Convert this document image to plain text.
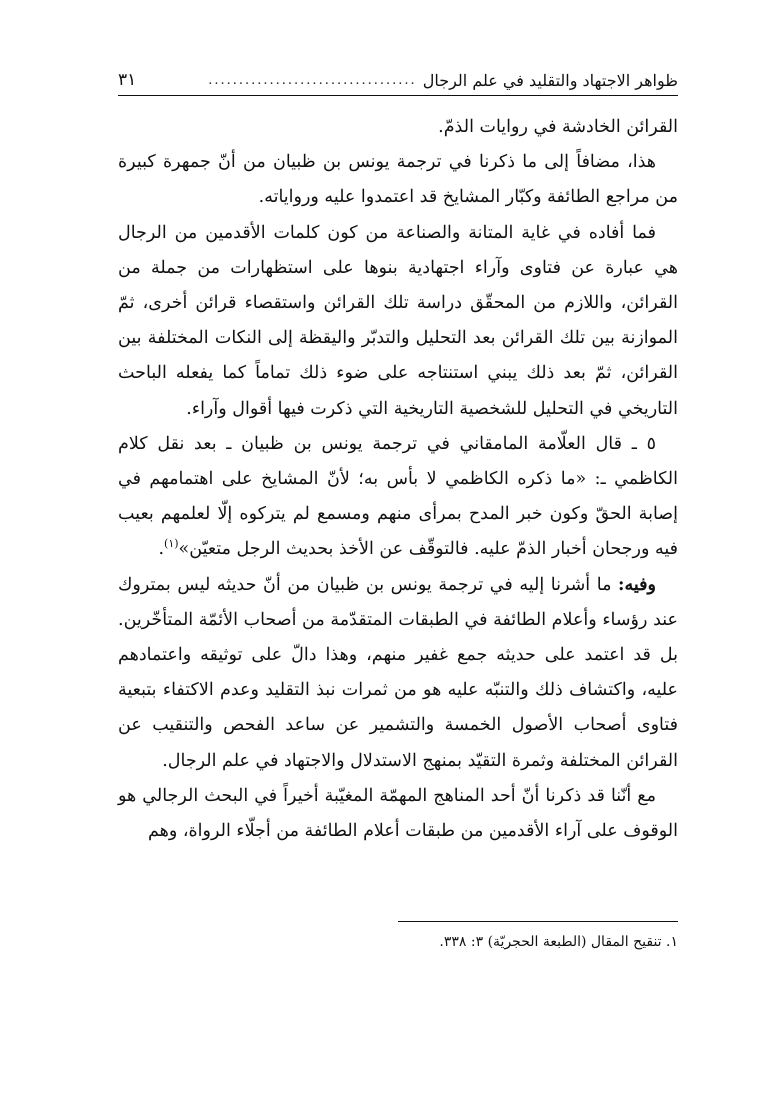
ظواهر الاجتهاد والتقليد في علم الرجال
..................................
٣١

القرائن الخادشة في روايات الذمّ.

هذا، مضافاً إلى ما ذكرنا في ترجمة يونس بن ظبيان من أنّ جمهرة كبيرة من مراجع الطائفة وكبّار المشايخ قد اعتمدوا عليه ورواياته.

فما أفاده في غاية المتانة والصناعة من كون كلمات الأقدمين من الرجال هي عبارة عن فتاوى وآراء اجتهادية بنوها على استظهارات من جملة من القرائن، واللازم من المحقّق دراسة تلك القرائن واستقصاء قرائن أخرى، ثمّ الموازنة بين تلك القرائن بعد التحليل والتدبّر واليقظة إلى النكات المختلفة بين القرائن، ثمّ بعد ذلك يبني استنتاجه على ضوء ذلك تماماً كما يفعله الباحث التاريخي في التحليل للشخصية التاريخية التي ذكرت فيها أقوال وآراء.

٥ ـ قال العلّامة المامقاني في ترجمة يونس بن ظبيان ـ بعد نقل كلام الكاظمي ـ: «ما ذكره الكاظمي لا بأس به؛ لأنّ المشايخ على اهتمامهم في إصابة الحقّ وكون خبر المدح بمرأى منهم ومسمع لم يتركوه إلّا لعلمهم بعيب فيه ورجحان أخبار الذمّ عليه. فالتوقّف عن الأخذ بحديث الرجل متعيّن»$^{(١)}$.

وفيه: ما أشرنا إليه في ترجمة يونس بن ظبيان من أنّ حديثه ليس بمتروك عند رؤساء وأعلام الطائفة في الطبقات المتقدّمة من أصحاب الأئمّة المتأخّرين. بل قد اعتمد على حديثه جمع غفير منهم، وهذا دالّ على توثيقه واعتمادهم عليه، واكتشاف ذلك والتنبّه عليه هو من ثمرات نبذ التقليد وعدم الاكتفاء بتبعية فتاوى أصحاب الأصول الخمسة والتشمير عن ساعد الفحص والتنقيب عن القرائن المختلفة وثمرة التقيّد بمنهج الاستدلال والاجتهاد في علم الرجال.

مع أنّنا قد ذكرنا أنّ أحد المناهج المهمّة المغيّبة أخيراً في البحث الرجالي هو الوقوف على آراء الأقدمين من طبقات أعلام الطائفة من أجلّاء الرواة، وهم

١. تنقيح المقال (الطبعة الحجريّة) ٣: ٣٣٨.
